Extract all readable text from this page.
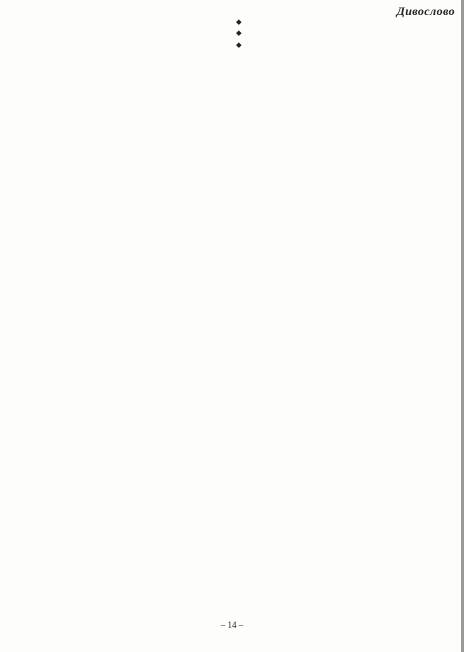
Дивослово

◆

◆

◆

– 14 –
